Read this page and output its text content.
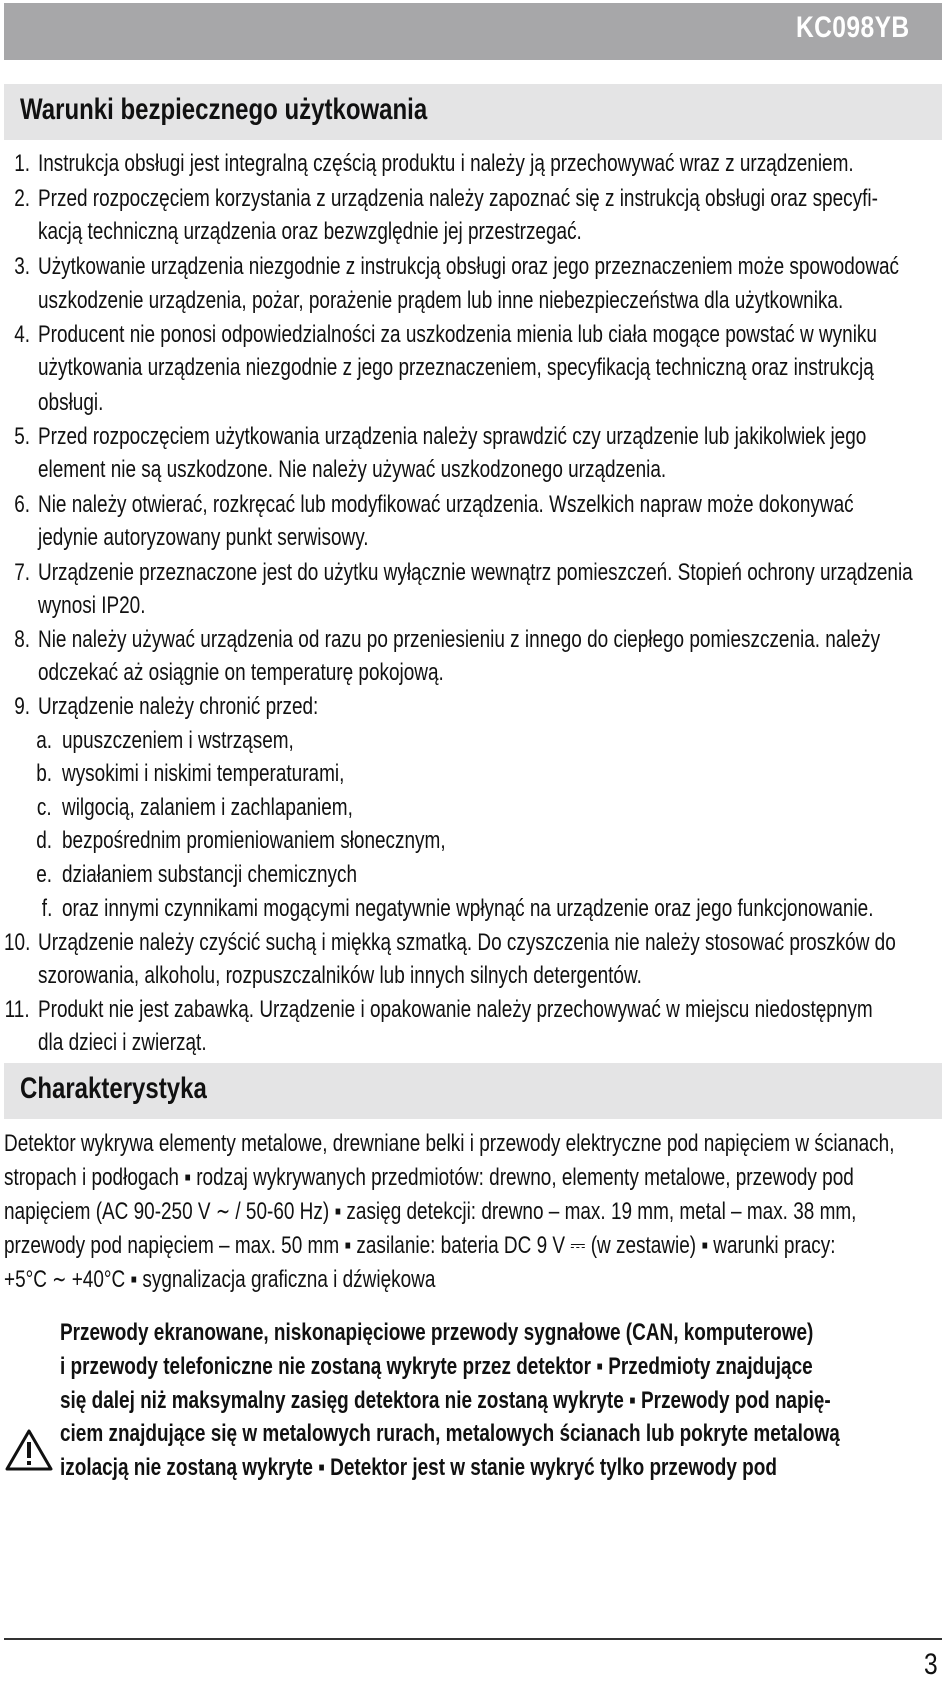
KC098YB
Warunki bezpiecznego użytkowania
1. Instrukcja obsługi jest integralną częścią produktu i należy ją przechowywać wraz z urządzeniem.
2. Przed rozpoczęciem korzystania z urządzenia należy zapoznać się z instrukcją obsługi oraz specyfi-
kacją techniczną urządzenia oraz bezwzględnie jej przestrzegać.
3. Użytkowanie urządzenia niezgodnie z instrukcją obsługi oraz jego przeznaczeniem może spowodować
uszkodzenie urządzenia, pożar, porażenie prądem lub inne niebezpieczeństwa dla użytkownika.
4. Producent nie ponosi odpowiedzialności za uszkodzenia mienia lub ciała mogące powstać w wyniku
użytkowania urządzenia niezgodnie z jego przeznaczeniem, specyfikacją techniczną oraz instrukcją
obsługi.
5. Przed rozpoczęciem użytkowania urządzenia należy sprawdzić czy urządzenie lub jakikolwiek jego
element nie są uszkodzone. Nie należy używać uszkodzonego urządzenia.
6. Nie należy otwierać, rozkręcać lub modyfikować urządzenia. Wszelkich napraw może dokonywać
jedynie autoryzowany punkt serwisowy.
7. Urządzenie przeznaczone jest do użytku wyłącznie wewnątrz pomieszczeń. Stopień ochrony urządzenia
wynosi IP20.
8. Nie należy używać urządzenia od razu po przeniesieniu z innego do ciepłego pomieszczenia. należy
odczekać aż osiągnie on temperaturę pokojową.
9. Urządzenie należy chronić przed:
a. upuszczeniem i wstrząsem,
b. wysokimi i niskimi temperaturami,
c. wilgocią, zalaniem i zachlapaniem,
d. bezpośrednim promieniowaniem słonecznym,
e. działaniem substancji chemicznych
f. oraz innymi czynnikami mogącymi negatywnie wpłynąć na urządzenie oraz jego funkcjonowanie.
10. Urządzenie należy czyścić suchą i miękką szmatką. Do czyszczenia nie należy stosować proszków do
szorowania, alkoholu, rozpuszczalników lub innych silnych detergentów.
11. Produkt nie jest zabawką. Urządzenie i opakowanie należy przechowywać w miejscu niedostępnym
dla dzieci i zwierząt.
Charakterystyka
Detektor wykrywa elementy metalowe, drewniane belki i przewody elektryczne pod napięciem w ścianach,
stropach i podłogach ▪ rodzaj wykrywanych przedmiotów: drewno, elementy metalowe, przewody pod
napięciem (AC 90-250 V ∼ / 50-60 Hz) ▪ zasięg detekcji: drewno – max. 19 mm, metal – max. 38 mm,
przewody pod napięciem – max. 50 mm ▪ zasilanie: bateria DC 9 V ⎓ (w zestawie) ▪ warunki pracy:
+5°C ∼ +40°C ▪ sygnalizacja graficzna i dźwiękowa
Przewody ekranowane, niskonapięciowe przewody sygnałowe (CAN, komputerowe)
i przewody telefoniczne nie zostaną wykryte przez detektor ▪ Przedmioty znajdujące
się dalej niż maksymalny zasięg detektora nie zostaną wykryte ▪ Przewody pod napię-
ciem znajdujące się w metalowych rurach, metalowych ścianach lub pokryte metalową
izolacją nie zostaną wykryte ▪ Detektor jest w stanie wykryć tylko przewody pod
3
